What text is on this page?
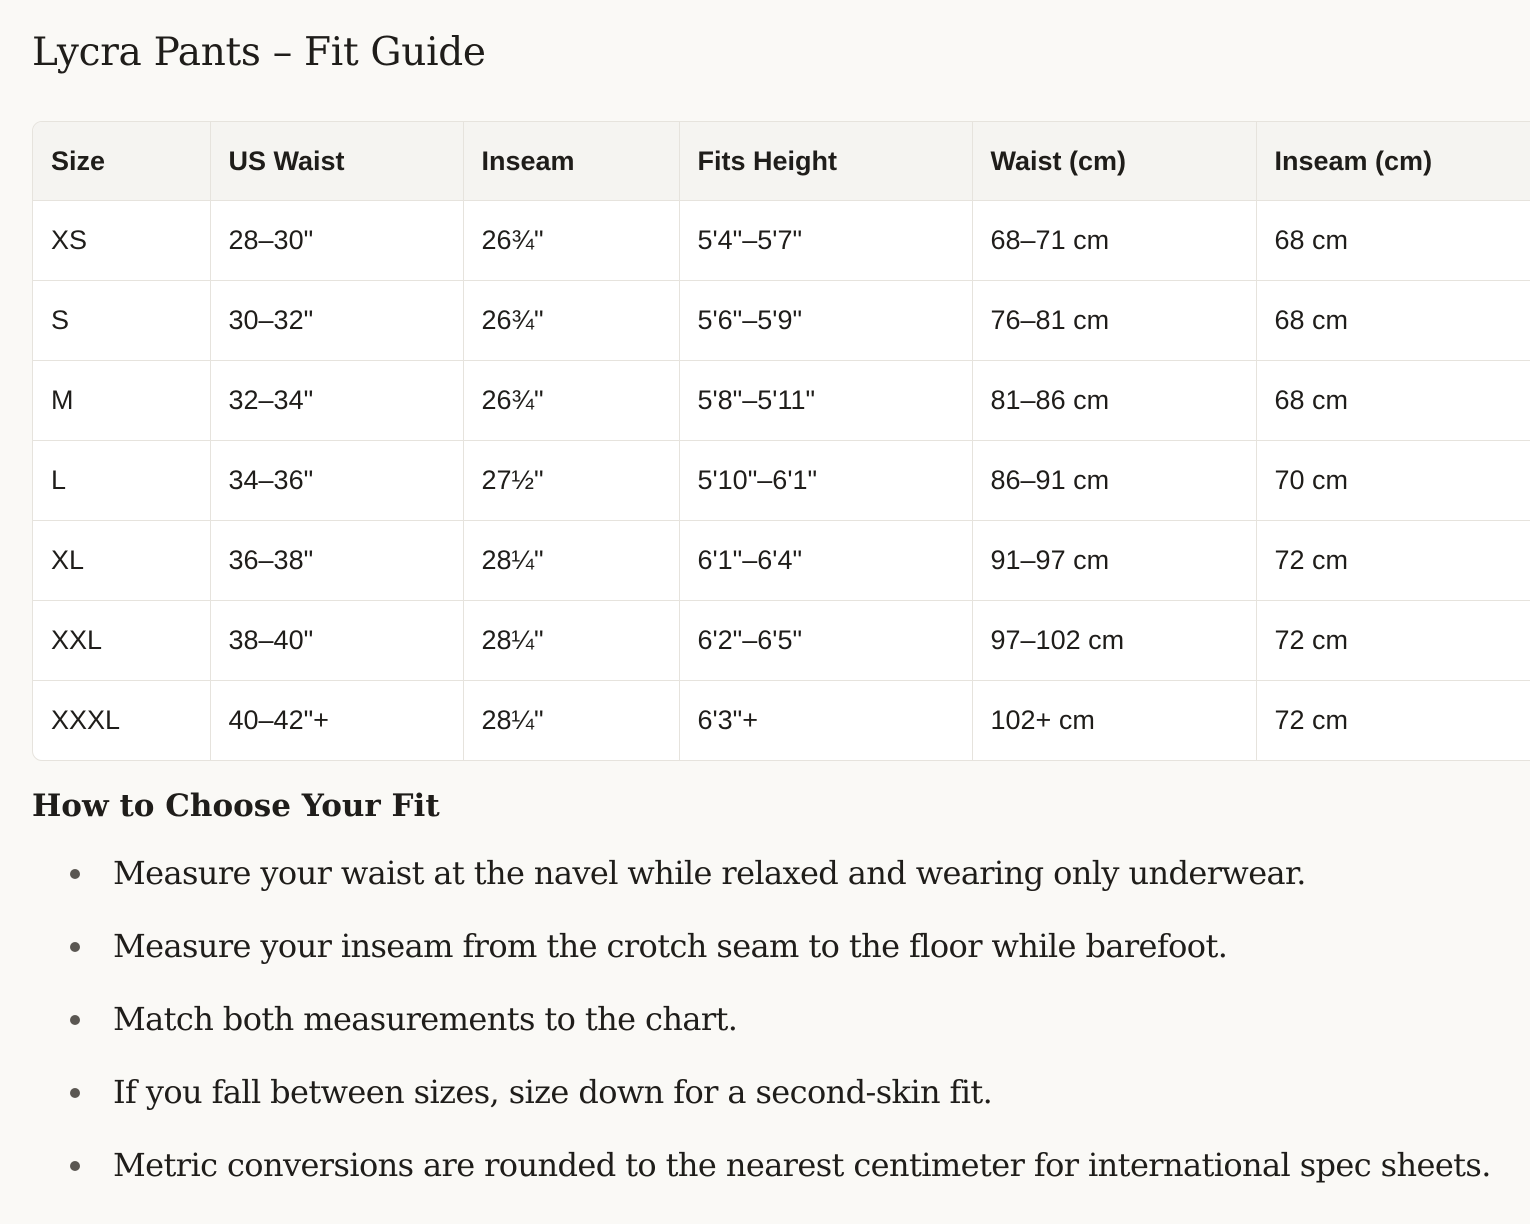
Lycra Pants – Fit Guide
Size	US Waist	Inseam	Fits Height	Waist (cm)	Inseam (cm)
XS	28–30"	26¾"	5'4"–5'7"	68–71 cm	68 cm
S	30–32"	26¾"	5'6"–5'9"	76–81 cm	68 cm
M	32–34"	26¾"	5'8"–5'11"	81–86 cm	68 cm
L	34–36"	27½"	5'10"–6'1"	86–91 cm	70 cm
XL	36–38"	28¼"	6'1"–6'4"	91–97 cm	72 cm
XXL	38–40"	28¼"	6'2"–6'5"	97–102 cm	72 cm
XXXL	40–42"+	28¼"	6'3"+	102+ cm	72 cm
How to Choose Your Fit
Measure your waist at the navel while relaxed and wearing only underwear.
Measure your inseam from the crotch seam to the floor while barefoot.
Match both measurements to the chart.
If you fall between sizes, size down for a second-skin fit.
Metric conversions are rounded to the nearest centimeter for international spec sheets.
